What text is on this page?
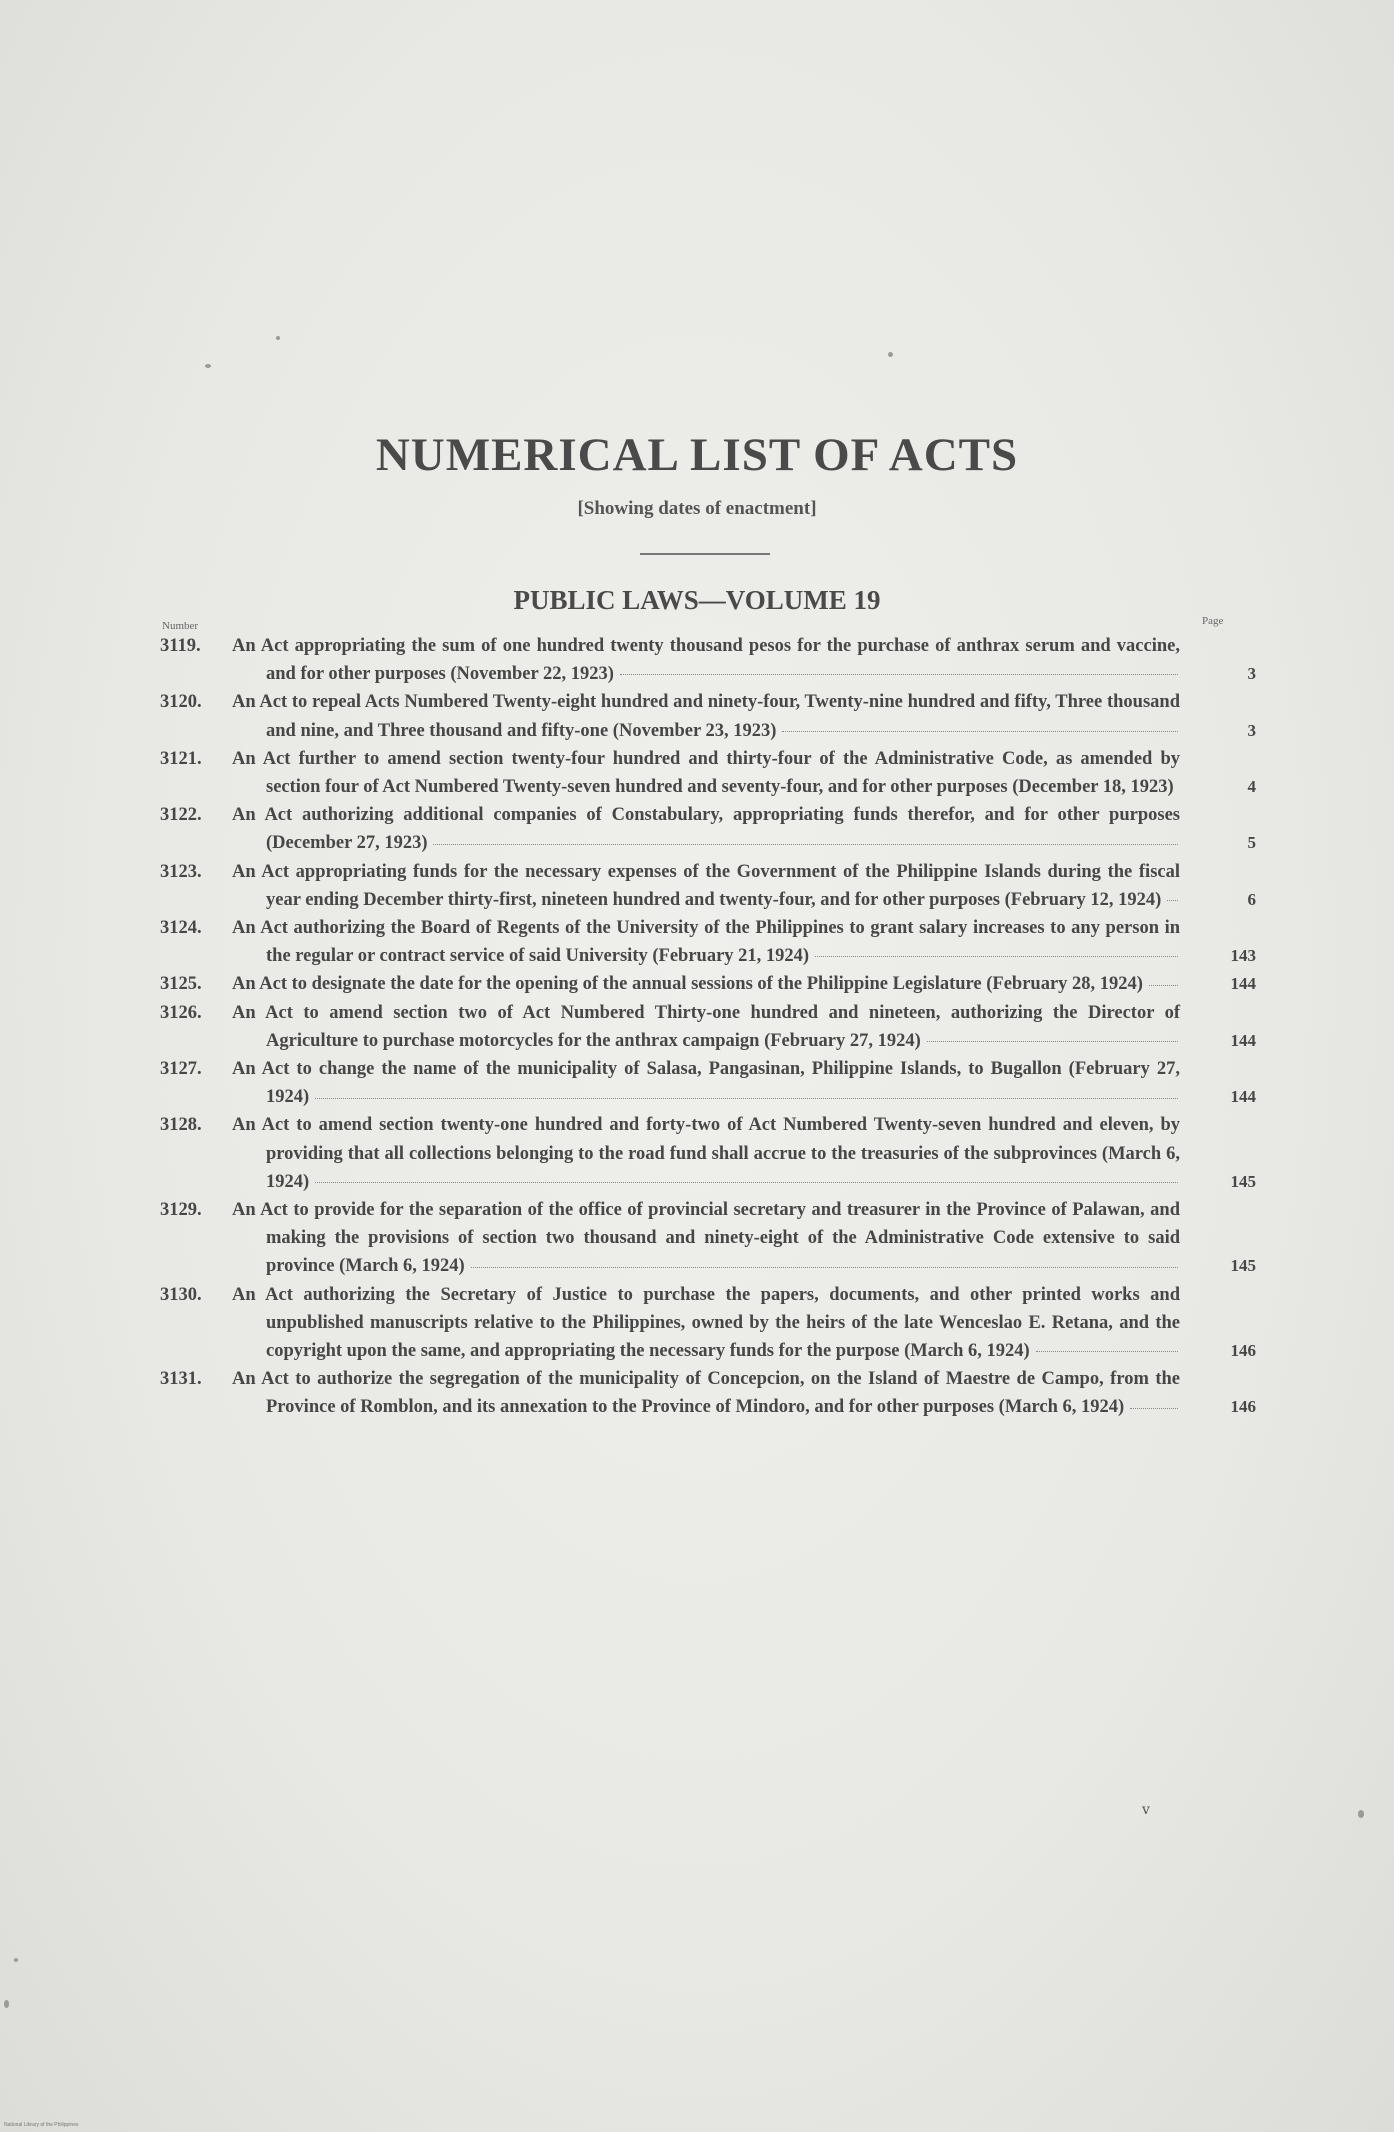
NUMERICAL LIST OF ACTS
[Showing dates of enactment]
PUBLIC LAWS—VOLUME 19
Number	Page
3119.	An Act appropriating the sum of one hundred twenty thousand pesos for the purchase of anthrax serum and vaccine, and for other purposes (November 22, 1923)	3
3120.	An Act to repeal Acts Numbered Twenty-eight hundred and ninety-four, Twenty-nine hundred and fifty, Three thousand and nine, and Three thousand and fifty-one (November 23, 1923)	3
3121.	An Act further to amend section twenty-four hundred and thirty-four of the Administrative Code, as amended by section four of Act Numbered Twenty-seven hundred and seventy-four, and for other purposes (December 18, 1923)	4
3122.	An Act authorizing additional companies of Constabulary, appropriating funds therefor, and for other purposes (December 27, 1923)	5
3123.	An Act appropriating funds for the necessary expenses of the Government of the Philippine Islands during the fiscal year ending December thirty-first, nineteen hundred and twenty-four, and for other purposes (February 12, 1924)	6
3124.	An Act authorizing the Board of Regents of the University of the Philippines to grant salary increases to any person in the regular or contract service of said University (February 21, 1924)	143
3125.	An Act to designate the date for the opening of the annual sessions of the Philippine Legislature (February 28, 1924)	144
3126.	An Act to amend section two of Act Numbered Thirty-one hundred and nineteen, authorizing the Director of Agriculture to purchase motorcycles for the anthrax campaign (February 27, 1924)	144
3127.	An Act to change the name of the municipality of Salasa, Pangasinan, Philippine Islands, to Bugallon (February 27, 1924)	144
3128.	An Act to amend section twenty-one hundred and forty-two of Act Numbered Twenty-seven hundred and eleven, by providing that all collections belonging to the road fund shall accrue to the treasuries of the subprovinces (March 6, 1924)	145
3129.	An Act to provide for the separation of the office of provincial secretary and treasurer in the Province of Palawan, and making the provisions of section two thousand and ninety-eight of the Administrative Code extensive to said province (March 6, 1924)	145
3130.	An Act authorizing the Secretary of Justice to purchase the papers, documents, and other printed works and unpublished manuscripts relative to the Philippines, owned by the heirs of the late Wenceslao E. Retana, and the copyright upon the same, and appropriating the necessary funds for the purpose (March 6, 1924)	146
3131.	An Act to authorize the segregation of the municipality of Concepcion, on the Island of Maestre de Campo, from the Province of Romblon, and its annexation to the Province of Mindoro, and for other purposes (March 6, 1924)	146
v
National Library of the Philippines
